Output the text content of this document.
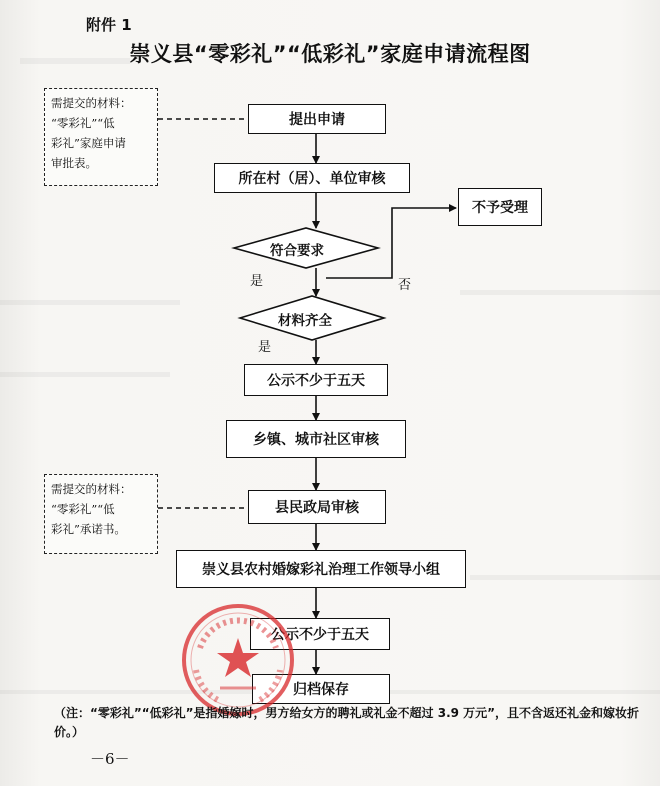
附件 1
崇义县“零彩礼”“低彩礼”家庭申请流程图
需提交的材料：
“零彩礼”“低
彩礼”家庭申请
审批表。
需提交的材料：
“零彩礼”“低
彩礼”承诺书。
提出申请
所在村（居）、单位审核
不予受理
符合要求
是	否
材料齐全
是
公示不少于五天
乡镇、城市社区审核
县民政局审核
崇义县农村婚嫁彩礼治理工作领导小组
公示不少于五天
归档保存
（注：“零彩礼”“低彩礼”是指婚嫁时，男方给女方的聘礼或礼金不超过 3.9 万元”，且不含返还礼金和嫁妆折价。）
－6－
